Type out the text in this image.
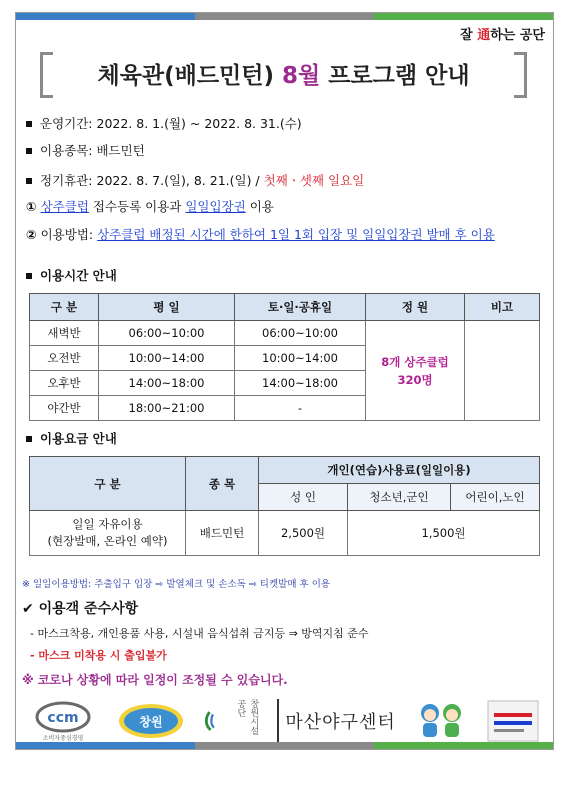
잘 通하는 공단
체육관(배드민턴) 8월 프로그램 안내
운영기간: 2022. 8. 1.(월) ~ 2022. 8. 31.(수)
이용종목: 배드민턴
정기휴관: 2022. 8. 7.(일), 8. 21.(일) / 첫째ㆍ셋째 일요일
① 상주클럽 접수등록 이용과 일일입장권 이용
② 이용방법: 상주클럽 배정된 시간에 한하여 1일 1회 입장 및 일일입장권 발매 후 이용
이용시간 안내
구 분	평 일	토·일·공휴일	정 원	비고
새벽반	06:00~10:00	06:00~10:00	8개 상주클럽
320명	
오전반	10:00~14:00	10:00~14:00		
오후반	14:00~18:00	14:00~18:00		
야간반	18:00~21:00	-		
이용요금 안내
구 분	종 목	개인(연습)사용료(일일이용)		
		성 인	청소년,군인	어린이,노인
일일 자유이용
(현장발매, 온라인 예약)	배드민턴	2,500원	1,500원	
※ 일일이용방법: 주출입구 입장 ⇨ 발열체크 및 손소독 ⇨ 티켓발매 후 이용
✔ 이용객 준수사항
- 마스크착용, 개인용품 사용, 시설내 음식섭취 금지등 ⇒ 방역지침 준수
- 마스크 미착용 시 출입불가
※ 코로나 상황에 따라 일정이 조정될 수 있습니다.
ccm
소비자중심경영
창원	창원시설공단
마산야구센터
